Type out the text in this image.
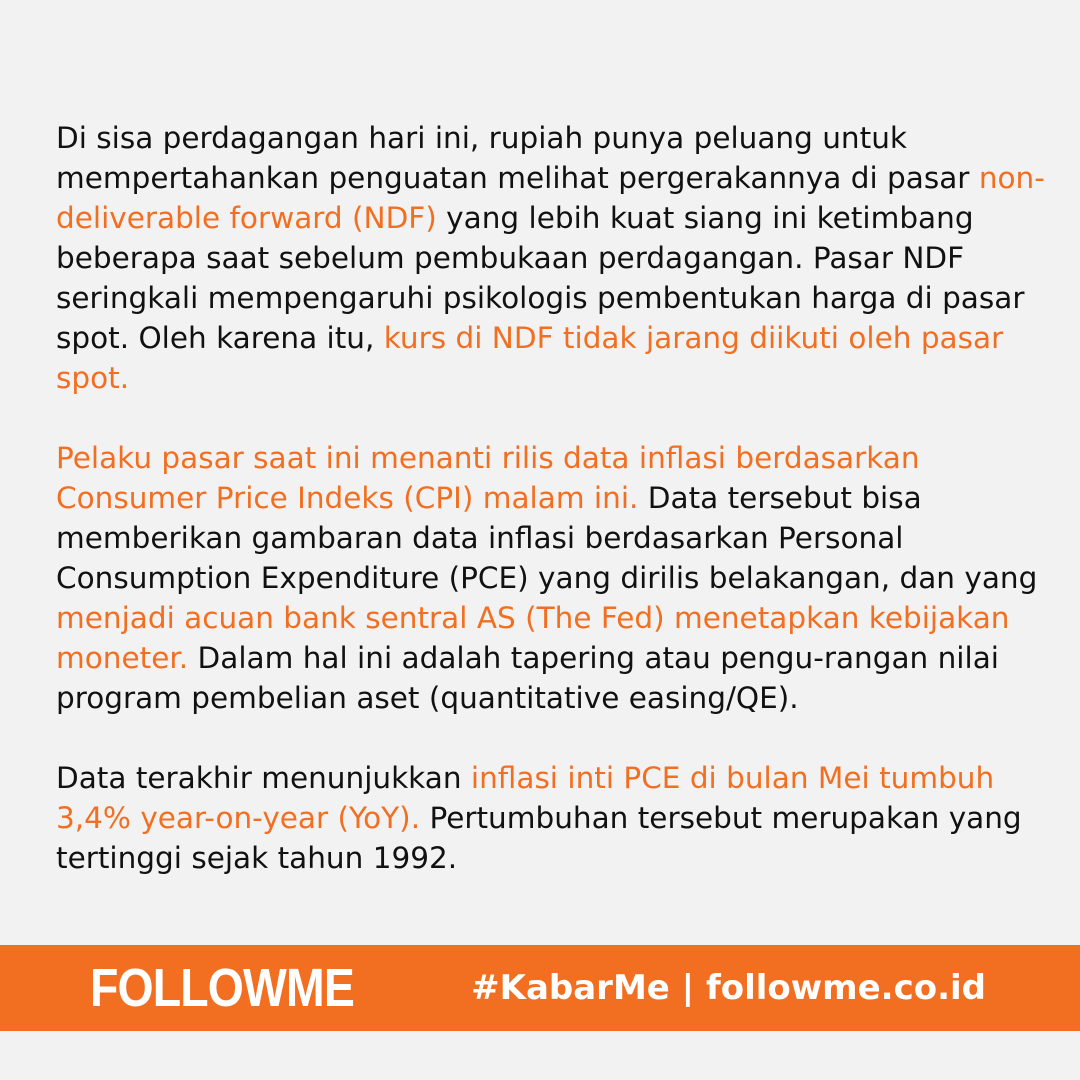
Di sisa perdagangan hari ini, rupiah punya peluang untuk mempertahankan penguatan melihat pergerakannya di pasar non-deliverable forward (NDF) yang lebih kuat siang ini ketimbang beberapa saat sebelum pembukaan perdagangan. Pasar NDF seringkali mempengaruhi psikologis pembentukan harga di pasar spot. Oleh karena itu, kurs di NDF tidak jarang diikuti oleh pasar spot.

Pelaku pasar saat ini menanti rilis data inflasi berdasarkan Consumer Price Indeks (CPI) malam ini. Data tersebut bisa memberikan gambaran data inflasi berdasarkan Personal Consumption Expenditure (PCE) yang dirilis belakangan, dan yang menjadi acuan bank sentral AS (The Fed) menetapkan kebijakan moneter. Dalam hal ini adalah tapering atau pengu-rangan nilai program pembelian aset (quantitative easing/QE).

Data terakhir menunjukkan inflasi inti PCE di bulan Mei tumbuh 3,4% year-on-year (YoY). Pertumbuhan tersebut merupakan yang tertinggi sejak tahun 1992.

FOLLOWME	#KabarMe | followme.co.id
